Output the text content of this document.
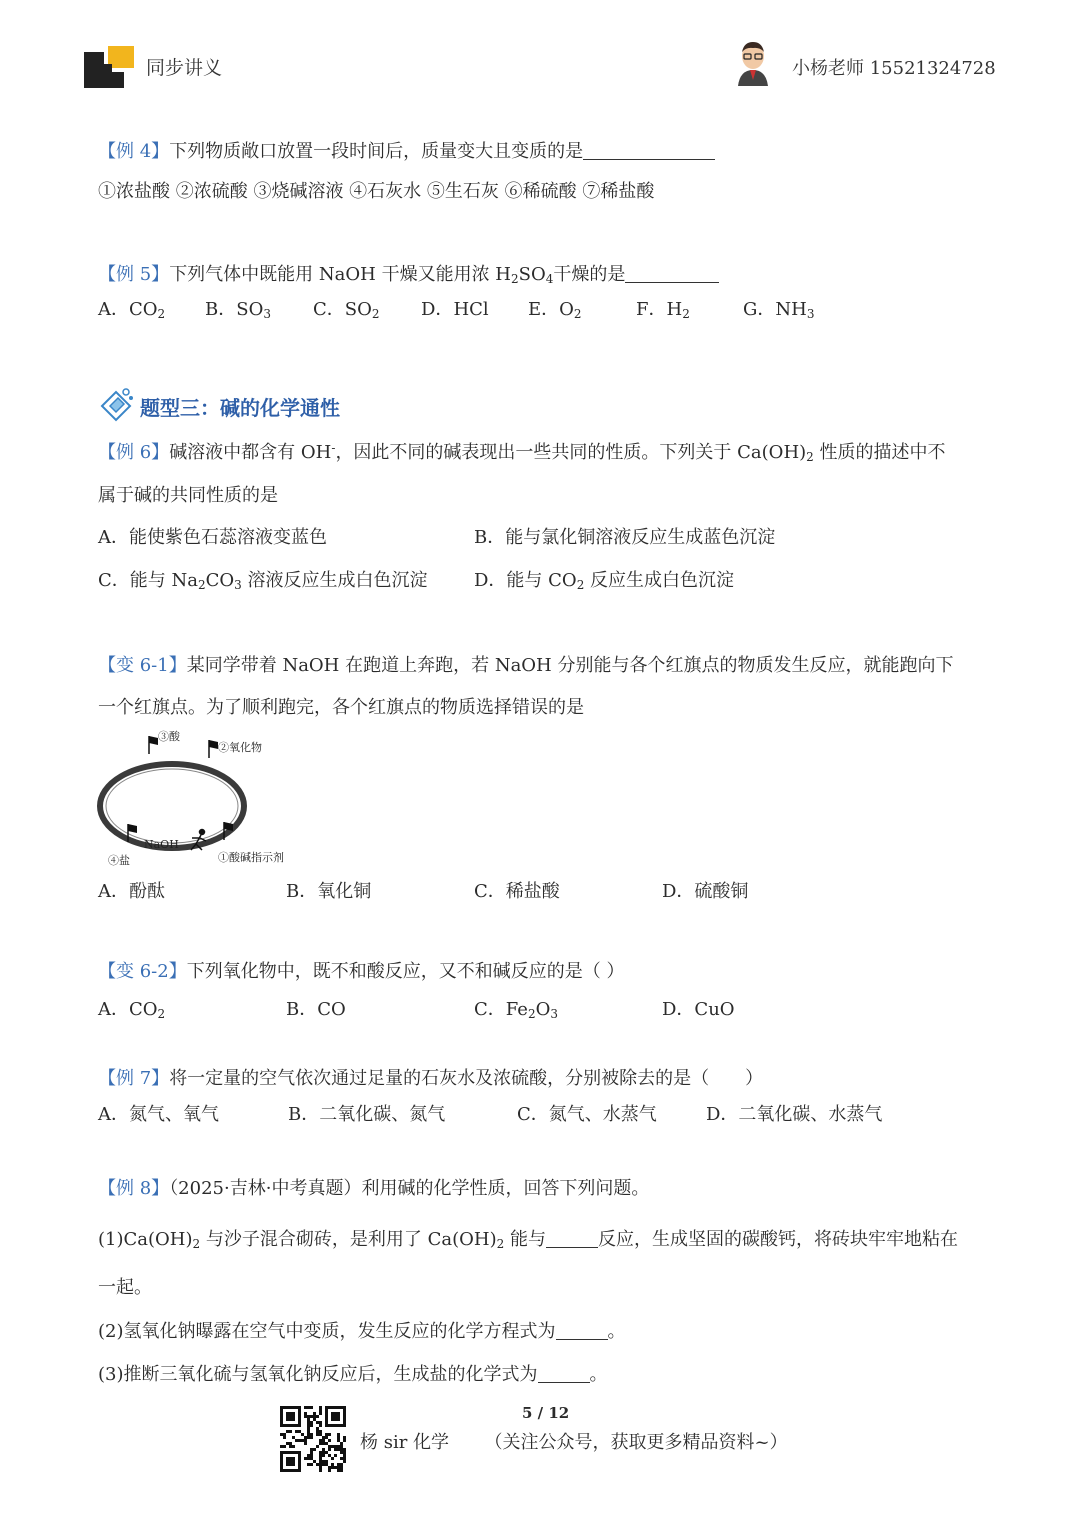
同步讲义	小杨老师 15521324728
【例 4】下列物质敞口放置一段时间后，质量变大且变质的是
①浓盐酸 ②浓硫酸 ③烧碱溶液 ④石灰水 ⑤生石灰 ⑥稀硫酸 ⑦稀盐酸
【例 5】下列气体中既能用 NaOH 干燥又能用浓 $H_2SO_4$干燥的是
A．$CO_2$ B．$SO_3$ C．$SO_2$ D．HCl E．$O_2$	F．$H_2$	G．$NH_3$
题型三：碱的化学通性
【例 6】碱溶液中都含有 OH-，因此不同的碱表现出一些共同的性质。下列关于 $Ca(OH)_2$ 性质的描述中不
属于碱的共同性质的是
A．能使紫色石蕊溶液变蓝色	B．能与氯化铜溶液反应生成蓝色沉淀
C．能与 $Na_2CO_3$ 溶液反应生成白色沉淀	D．能与 $CO_2$ 反应生成白色沉淀
【变 6-1】某同学带着 NaOH 在跑道上奔跑，若 NaOH 分别能与各个红旗点的物质发生反应，就能跑向下
一个红旗点。为了顺利跑完，各个红旗点的物质选择错误的是
③酸
②氧化物
④盐	①酸碱指示剂
NaOH
A．酚酞	B．氧化铜	C．稀盐酸	D．硫酸铜
【变 6-2】下列氧化物中，既不和酸反应，又不和碱反应的是（ ）
A．$CO_2$	B．CO	C．$Fe_2O_3$	D．CuO
【例 7】将一定量的空气依次通过足量的石灰水及浓硫酸，分别被除去的是（　　）
A．氮气、氧气	B．二氧化碳、氮气	C．氮气、水蒸气	D．二氧化碳、水蒸气
【例 8】（2025·吉林·中考真题）利用碱的化学性质，回答下列问题。
$(1)Ca(OH)_2$ 与沙子混合砌砖，是利用了 $Ca(OH)_2$ 能与	反应，生成坚固的碳酸钙，将砖块牢牢地粘在
一起。
(2)氢氧化钠曝露在空气中变质，发生反应的化学方程式为	。
(3)推断三氧化硫与氢氧化钠反应后，生成盐的化学式为	。
5 / 12
杨 sir 化学 （关注公众号，获取更多精品资料~）
